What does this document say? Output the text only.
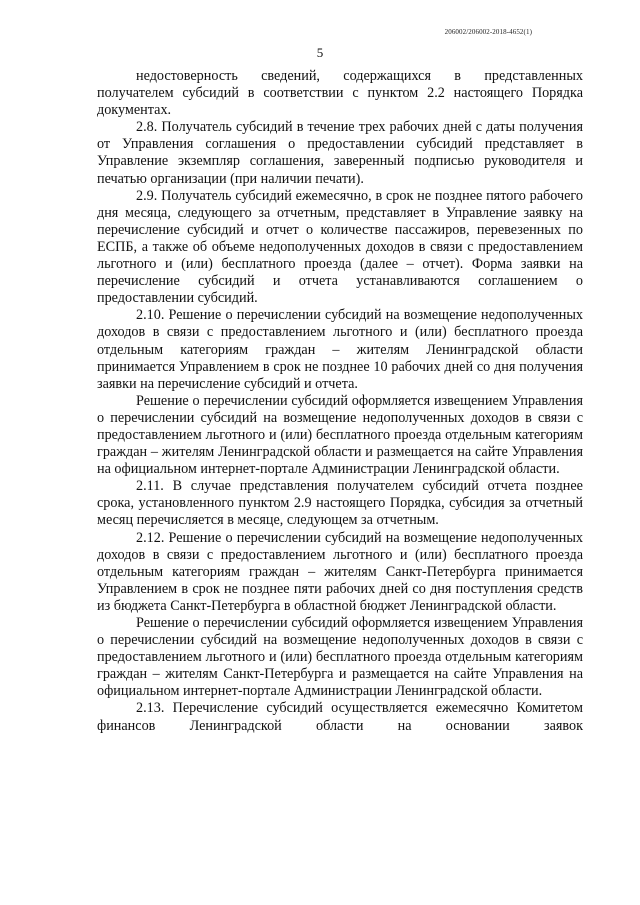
206002/206002-2018-4652(1)
5

недостоверность сведений, содержащихся в представленных получателем субсидий в соответствии с пунктом 2.2 настоящего Порядка документах.

2.8. Получатель субсидий в течение трех рабочих дней с даты получения от Управления соглашения о предоставлении субсидий представляет в Управление экземпляр соглашения, заверенный подписью руководителя и печатью организации (при наличии печати).

2.9. Получатель субсидий ежемесячно, в срок не позднее пятого рабочего дня месяца, следующего за отчетным, представляет в Управление заявку на перечисление субсидий и отчет о количестве пассажиров, перевезенных по ЕСПБ, а также об объеме недополученных доходов в связи с предоставлением льготного и (или) бесплатного проезда (далее – отчет). Форма заявки на перечисление субсидий и отчета устанавливаются соглашением о предоставлении субсидий.

2.10. Решение о перечислении субсидий на возмещение недополученных доходов в связи с предоставлением льготного и (или) бесплатного проезда отдельным категориям граждан – жителям Ленинградской области принимается Управлением в срок не позднее 10 рабочих дней со дня получения заявки на перечисление субсидий и отчета.

Решение о перечислении субсидий оформляется извещением Управления о перечислении субсидий на возмещение недополученных доходов в связи с предоставлением льготного и (или) бесплатного проезда отдельным категориям граждан – жителям Ленинградской области и размещается на сайте Управления на официальном интернет-портале Администрации Ленинградской области.

2.11. В случае представления получателем субсидий отчета позднее срока, установленного пунктом 2.9 настоящего Порядка, субсидия за отчетный месяц перечисляется в месяце, следующем за отчетным.

2.12. Решение о перечислении субсидий на возмещение недополученных доходов в связи с предоставлением льготного и (или) бесплатного проезда отдельным категориям граждан – жителям Санкт-Петербурга принимается Управлением в срок не позднее пяти рабочих дней со дня поступления средств из бюджета Санкт-Петербурга в областной бюджет Ленинградской области.

Решение о перечислении субсидий оформляется извещением Управления о перечислении субсидий на возмещение недополученных доходов в связи с предоставлением льготного и (или) бесплатного проезда отдельным категориям граждан – жителям Санкт-Петербурга и размещается на сайте Управления на официальном интернет-портале Администрации Ленинградской области.

2.13. Перечисление субсидий осуществляется ежемесячно Комитетом финансов Ленинградской области на основании заявок
